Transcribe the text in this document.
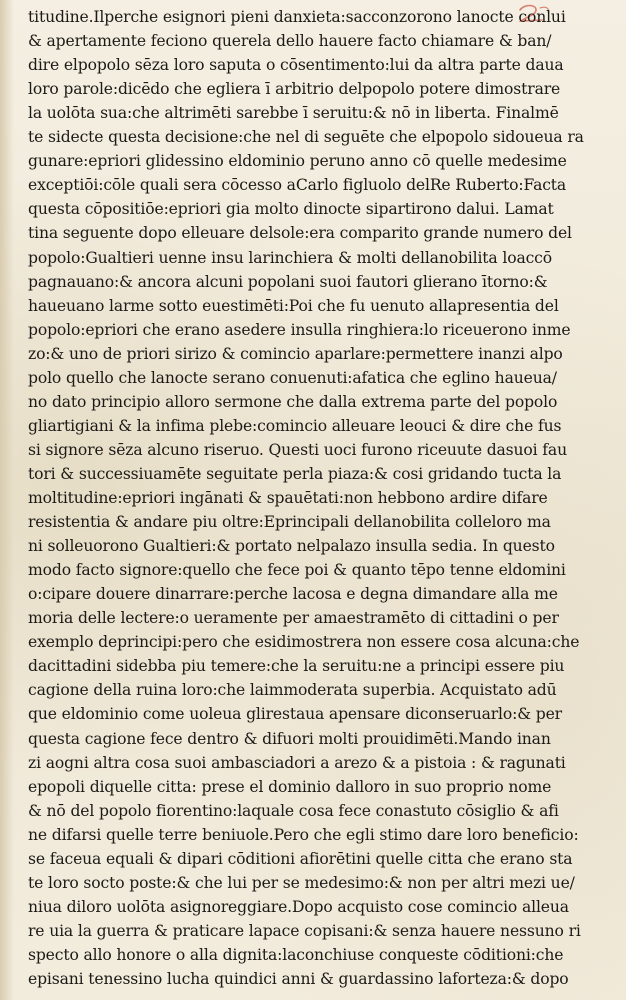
titudine.Ilperche esignori pieni danxieta:sacconzorono lanocte conlui
& apertamente feciono querela dello hauere facto chiamare & ban/
dire elpopolo sēza loro saputa o cōsentimento:lui da altra parte daua
loro parole:dicēdo che egliera ī arbitrio delpopolo potere dimostrare
la uolōta sua:che altrimēti sarebbe ī seruitu:& nō in liberta. Finalmē
te sidecte questa decisione:che nel di seguēte che elpopolo sidoueua ra
gunare:epriori glidessino eldominio peruno anno cō quelle medesime
exceptiōi:cōle quali sera cōcesso aCarlo figluolo delRe Ruberto:Facta
questa cōpositiōe:epriori gia molto dinocte sipartirono dalui. Lamat
tina seguente dopo elleuare delsole:era comparito grande numero del
popolo:Gualtieri uenne insu larinchiera & molti dellanobilita loaccō
pagnauano:& ancora alcuni popolani suoi fautori glierano ītorno:&
haueuano larme sotto euestimēti:Poi che fu uenuto allapresentia del
popolo:epriori che erano asedere insulla ringhiera:lo riceuerono inme
zo:& uno de priori sirizo & comincio aparlare:permettere inanzi alpo
polo quello che lanocte serano conuenuti:afatica che eglino haueua/
no dato principio alloro sermone che dalla extrema parte del popolo
gliartigiani & la infima plebe:comincio alleuare leouci & dire che fus
si signore sēza alcuno riseruo. Questi uoci furono riceuute dasuoi fau
tori & successiuamēte seguitate perla piaza:& cosi gridando tucta la
moltitudine:epriori ingānati & spauētati:non hebbono ardire difare
resistentia & andare piu oltre:Eprincipali dellanobilita colleloro ma
ni solleuorono Gualtieri:& portato nelpalazo insulla sedia. In questo
modo facto signore:quello che fece poi & quanto tēpo tenne eldomini
o:cipare douere dinarrare:perche lacosa e degna dimandare alla me
moria delle lectere:o ueramente per amaestramēto di cittadini o per
exemplo deprincipi:pero che esidimostrera non essere cosa alcuna:che
dacittadini sidebba piu temere:che la seruitu:ne a principi essere piu
cagione della ruina loro:che laimmoderata superbia. Acquistato adū
que eldominio come uoleua glirestaua apensare diconseruarlo:& per
questa cagione fece dentro & difuori molti prouidimēti.Mando inan
zi aogni altra cosa suoi ambasciadori a arezo & a pistoia : & ragunati
epopoli diquelle citta: prese el dominio dalloro in suo proprio nome
& nō del popolo fiorentino:laquale cosa fece conastuto cōsiglio & afi
ne difarsi quelle terre beniuole.Pero che egli stimo dare loro beneficio:
se faceua equali & dipari cōditioni afiorētini quelle citta che erano sta
te loro socto poste:& che lui per se medesimo:& non per altri mezi ue/
niua diloro uolōta asignoreggiare.Dopo acquisto cose comincio alleua
re uia la guerra & praticare lapace copisani:& senza hauere nessuno ri
specto allo honore o alla dignita:laconchiuse conqueste cōditioni:che
episani tenessino lucha quindici anni & guardassino laforteza:& dopo
